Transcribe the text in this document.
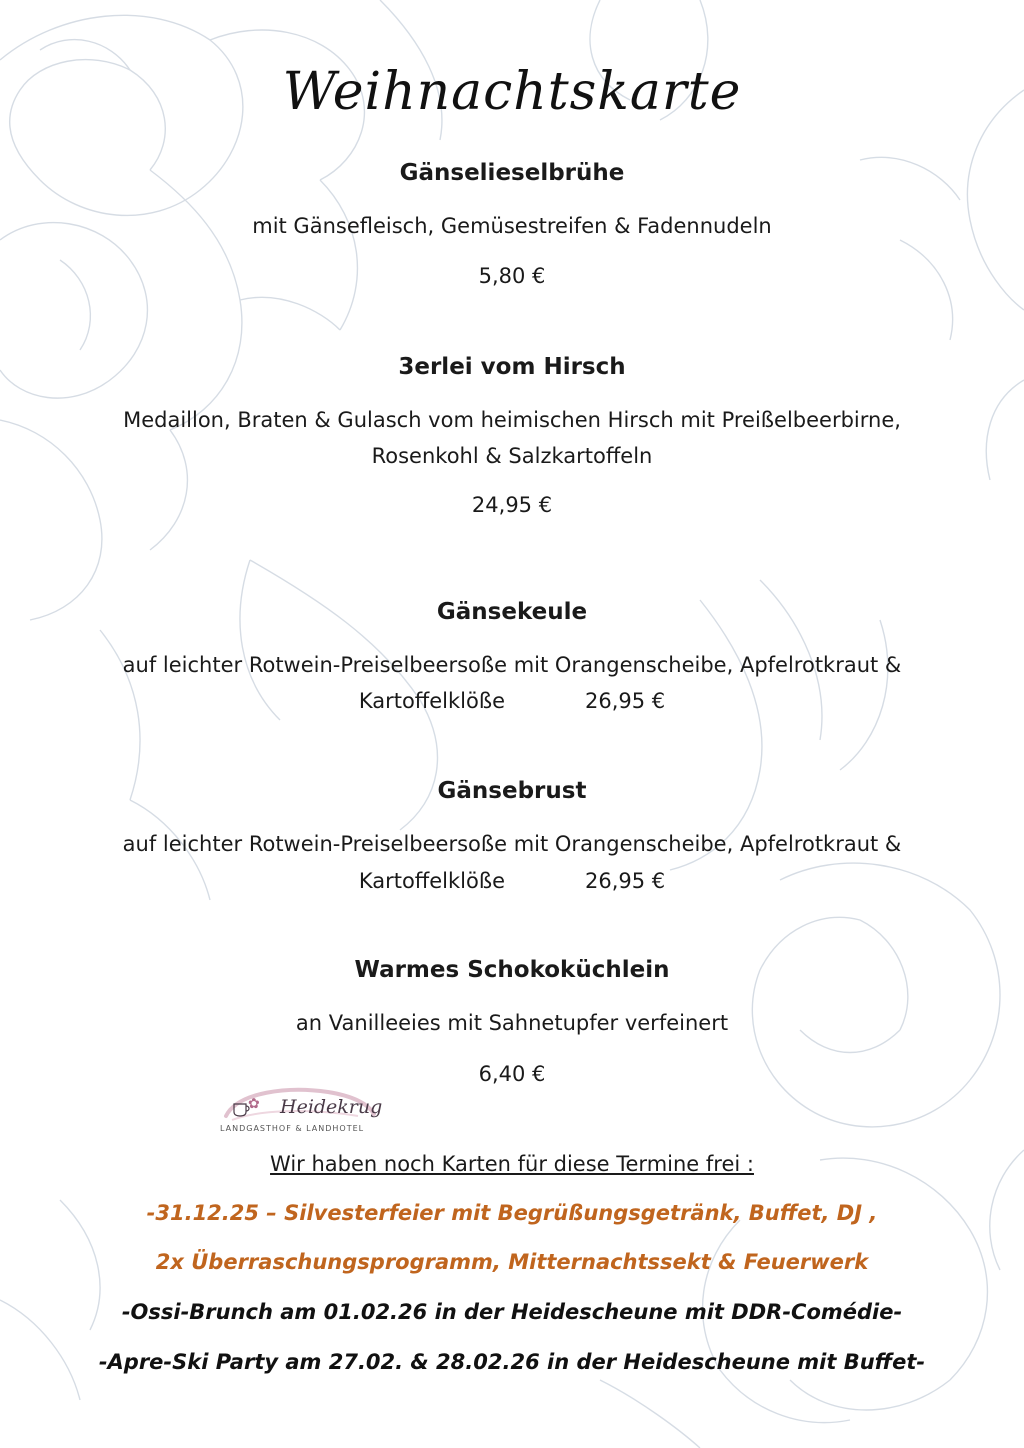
Weihnachtskarte
Gänselieselbrühe
mit Gänsefleisch, Gemüsestreifen & Fadennudeln
5,80 €
3erlei vom Hirsch
Medaillon, Braten & Gulasch vom heimischen Hirsch mit Preißelbeerbirne,
Rosenkohl & Salzkartoffeln
24,95 €
Gänsekeule
auf leichter Rotwein-Preiselbeersoße mit Orangenscheibe, Apfelrotkraut &
Kartoffelklöße	26,95 €
Gänsebrust
auf leichter Rotwein-Preiselbeersoße mit Orangenscheibe, Apfelrotkraut &
Kartoffelklöße	26,95 €
Warmes Schokoküchlein
an Vanilleeies mit Sahnetupfer verfeinert
6,40 €
✿ Heidekrug
LANDGASTHOF & LANDHOTEL
Wir haben noch Karten für diese Termine frei :
-31.12.25 – Silvesterfeier mit Begrüßungsgetränk, Buffet, DJ ,
2x Überraschungsprogramm, Mitternachtssekt & Feuerwerk
-Ossi-Brunch am 01.02.26 in der Heidescheune mit DDR-Comédie-
-Apre-Ski Party am 27.02. & 28.02.26 in der Heidescheune mit Buffet-
